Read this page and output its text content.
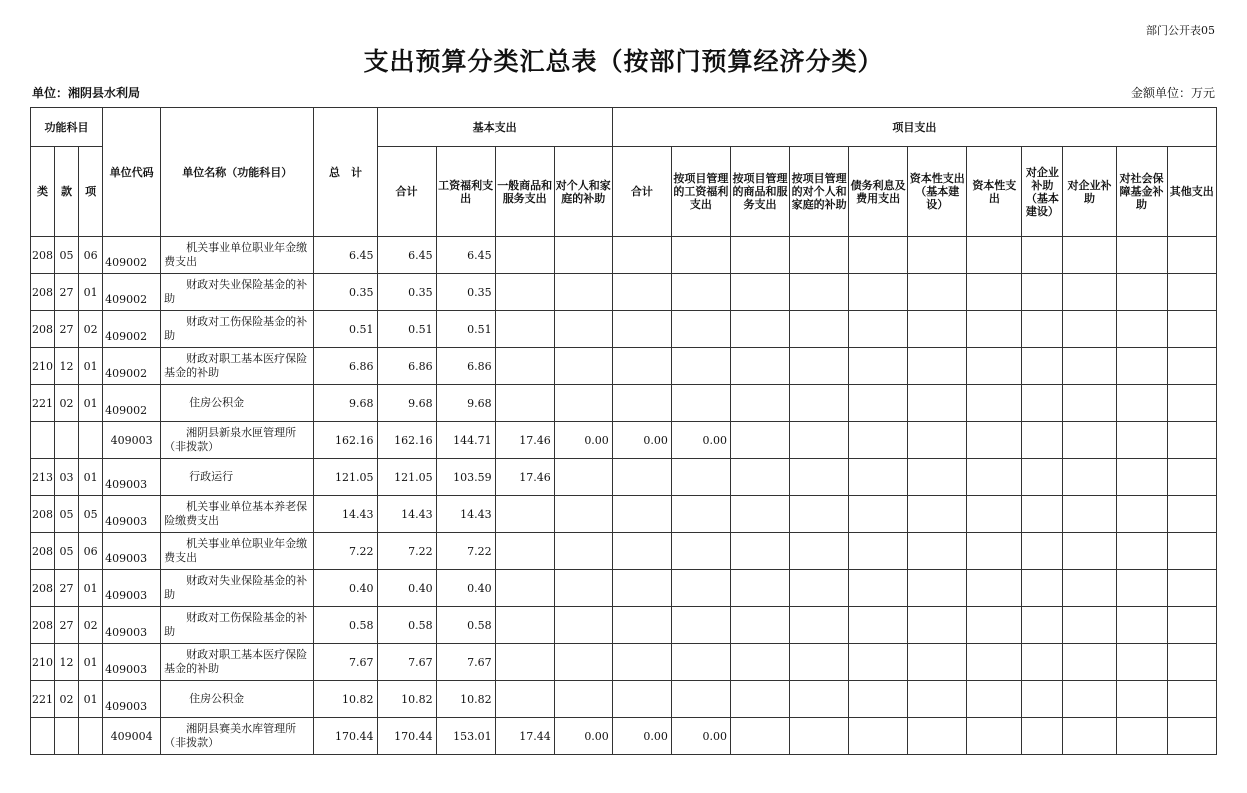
部门公开表05
支出预算分类汇总表（按部门预算经济分类）
单位：湘阴县水利局	金额单位：万元
功能科目			单位代码	单位名称（功能科目）	总　计	基本支出				项目支出										
类	款	项				合计	工资福利支出	一般商品和服务支出	对个人和家庭的补助	合计	按项目管理的工资福利支出	按项目管理的商品和服务支出	按项目管理的对个人和家庭的补助	债务利息及费用支出	资本性支出（基本建设）	资本性支出	对企业补助（基本建设）	对企业补助	对社会保障基金补助	其他支出
208	05	06	409002	机关事业单位职业年金缴费支出	6.45	6.45	6.45													
208	27	01	409002	财政对失业保险基金的补助	0.35	0.35	0.35													
208	27	02	409002	财政对工伤保险基金的补助	0.51	0.51	0.51													
210	12	01	409002	财政对职工基本医疗保险基金的补助	6.86	6.86	6.86													
221	02	01	409002	住房公积金	9.68	9.68	9.68													
			409003	湘阴县新泉水匣管理所（非拨款）	162.16	162.16	144.71	17.46	0.00	0.00	0.00									
213	03	01	409003	行政运行	121.05	121.05	103.59	17.46												
208	05	05	409003	机关事业单位基本养老保险缴费支出	14.43	14.43	14.43													
208	05	06	409003	机关事业单位职业年金缴费支出	7.22	7.22	7.22													
208	27	01	409003	财政对失业保险基金的补助	0.40	0.40	0.40													
208	27	02	409003	财政对工伤保险基金的补助	0.58	0.58	0.58													
210	12	01	409003	财政对职工基本医疗保险基金的补助	7.67	7.67	7.67													
221	02	01	409003	住房公积金	10.82	10.82	10.82													
			409004	湘阴县赛美水库管理所（非拨款）	170.44	170.44	153.01	17.44	0.00	0.00	0.00									
